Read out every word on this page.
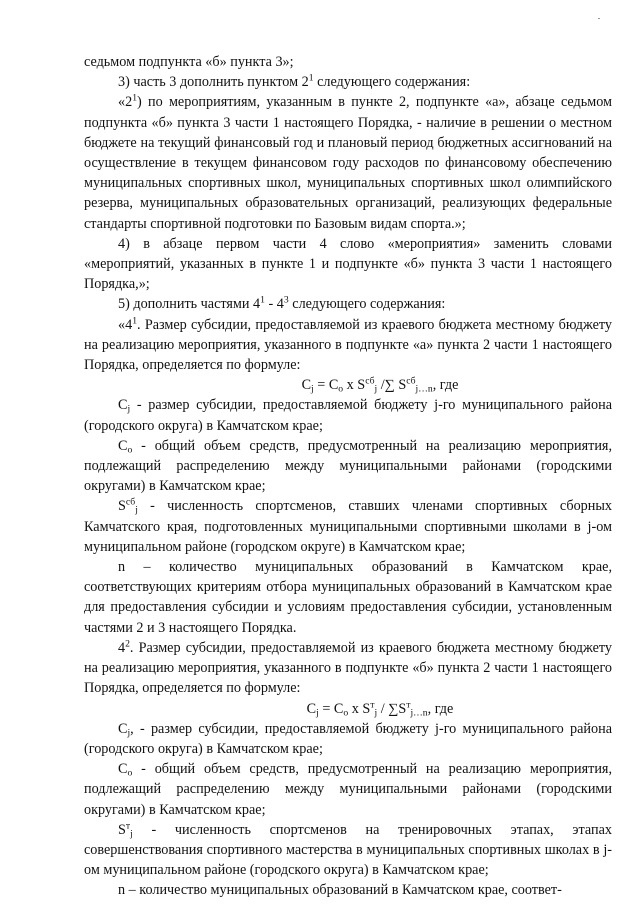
седьмом подпункта «б» пункта 3»;

3) часть 3 дополнить пунктом $2^1$ следующего содержания:

«$2^1$) по мероприятиям, указанным в пункте 2, подпункте «а», абзаце седьмом подпункта «б» пункта 3 части 1 настоящего Порядка, - наличие в решении о местном бюджете на текущий финансовый год и плановый период бюджетных ассигнований на осуществление в текущем финансовом году расходов по финансовому обеспечению муниципальных спортивных школ, муниципальных спортивных школ олимпийского резерва, муниципальных образовательных организаций, реализующих федеральные стандарты спортивной подготовки по Базовым видам спорта.»;

4) в абзаце первом части 4 слово «мероприятия» заменить словами «мероприятий, указанных в пункте 1 и подпункте «б» пункта 3 части 1 настоящего Порядка,»;

5) дополнить частями $4^1 - 4^3$ следующего содержания:

«$4^1$. Размер субсидии, предоставляемой из краевого бюджета местному бюджету на реализацию мероприятия, указанного в подпункте «а» пункта 2 части 1 настоящего Порядка, определяется по формуле:

$C_j = C_o$ x $S^{сб}_j$ /∑ $S^{сб}_{j\dots n}$, где

$C_j$ - размер субсидии, предоставляемой бюджету j-го муниципального района (городского округа) в Камчатском крае;

$C_o$ - общий объем средств, предусмотренный на реализацию мероприятия, подлежащий распределению между муниципальными районами (городскими округами) в Камчатском крае;

$S^{сб}_j$ - численность спортсменов, ставших членами спортивных сборных Камчатского края, подготовленных муниципальными спортивными школами в j-ом муниципальном районе (городском округе) в Камчатском крае;

n – количество муниципальных образований в Камчатском крае, соответствующих критериям отбора муниципальных образований в Камчатском крае для предоставления субсидии и условиям предоставления субсидии, установленным частями 2 и 3 настоящего Порядка.

$4^2$. Размер субсидии, предоставляемой из краевого бюджета местному бюджету на реализацию мероприятия, указанного в подпункте «б» пункта 2 части 1 настоящего Порядка, определяется по формуле:

$C_j = C_o$ x $S^т_j / \sum S^т_{j\dots n}$, где

$C_j$, - размер субсидии, предоставляемой бюджету j-го муниципального района (городского округа) в Камчатском крае;

$C_o$ - общий объем средств, предусмотренный на реализацию мероприятия, подлежащий распределению между муниципальными районами (городскими округами) в Камчатском крае;

$S^т_j$ - численность спортсменов на тренировочных этапах, этапах совершенствования спортивного мастерства в муниципальных спортивных школах в j-ом муниципальном районе (городского округа) в Камчатском крае;

n – количество муниципальных образований в Камчатском крае, соответ-
